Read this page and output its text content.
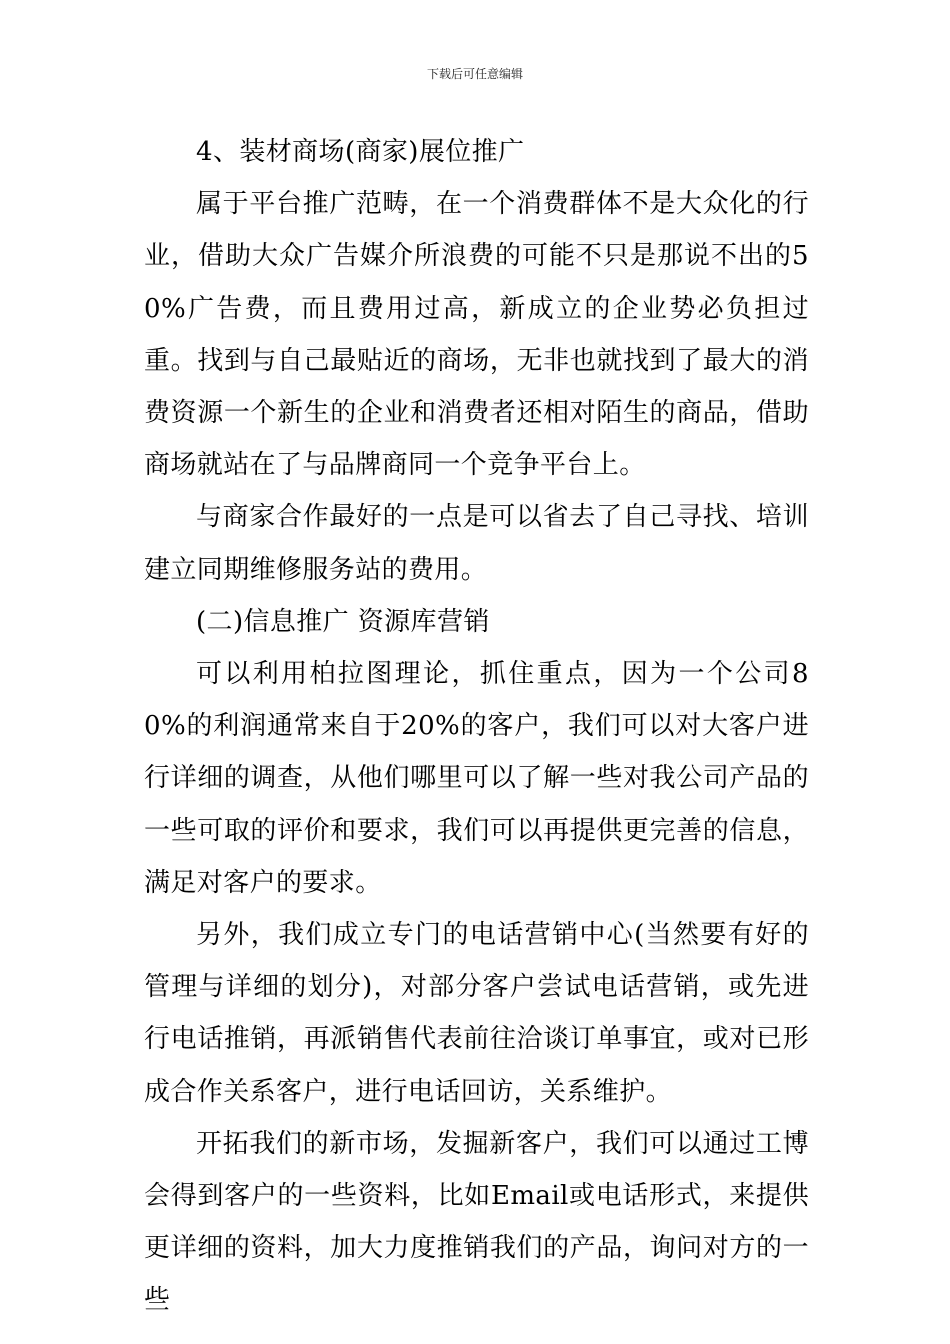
下载后可任意编辑

4、装材商场(商家)展位推广

属于平台推广范畴，在一个消费群体不是大众化的行业，借助大众广告媒介所浪费的可能不只是那说不出的50%广告费，而且费用过高，新成立的企业势必负担过重。找到与自己最贴近的商场，无非也就找到了最大的消费资源一个新生的企业和消费者还相对陌生的商品，借助商场就站在了与品牌商同一个竞争平台上。

与商家合作最好的一点是可以省去了自己寻找、培训建立同期维修服务站的费用。

(二)信息推广 资源库营销

可以利用柏拉图理论，抓住重点，因为一个公司80%的利润通常来自于20%的客户，我们可以对大客户进行详细的调查，从他们哪里可以了解一些对我公司产品的一些可取的评价和要求，我们可以再提供更完善的信息，满足对客户的要求。

另外，我们成立专门的电话营销中心(当然要有好的管理与详细的划分)，对部分客户尝试电话营销，或先进行电话推销，再派销售代表前往洽谈订单事宜，或对已形成合作关系客户，进行电话回访，关系维护。

开拓我们的新市场，发掘新客户，我们可以通过工博会得到客户的一些资料，比如Email或电话形式，来提供更详细的资料，加大力度推销我们的产品，询问对方的一些
